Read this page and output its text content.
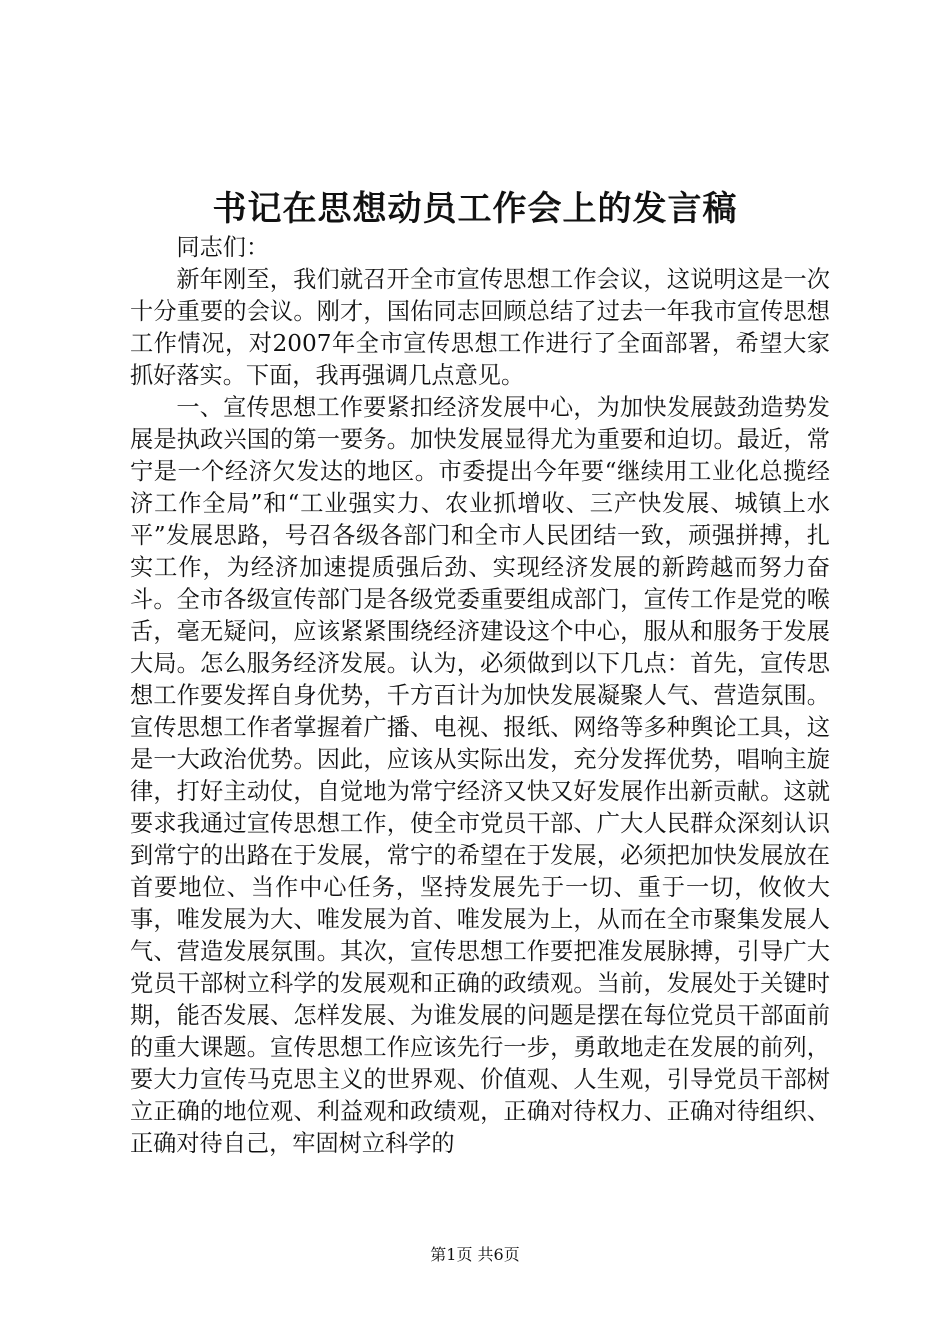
书记在思想动员工作会上的发言稿

同志们：

新年刚至，我们就召开全市宣传思想工作会议，这说明这是一次十分重要的会议。刚才，国佑同志回顾总结了过去一年我市宣传思想工作情况，对2007年全市宣传思想工作进行了全面部署，希望大家抓好落实。下面，我再强调几点意见。

一、宣传思想工作要紧扣经济发展中心，为加快发展鼓劲造势发展是执政兴国的第一要务。加快发展显得尤为重要和迫切。最近，常宁是一个经济欠发达的地区。市委提出今年要“继续用工业化总揽经济工作全局”和“工业强实力、农业抓增收、三产快发展、城镇上水平”发展思路，号召各级各部门和全市人民团结一致，顽强拼搏，扎实工作，为经济加速提质强后劲、实现经济发展的新跨越而努力奋斗。全市各级宣传部门是各级党委重要组成部门，宣传工作是党的喉舌，毫无疑问，应该紧紧围绕经济建设这个中心，服从和服务于发展大局。怎么服务经济发展。认为，必须做到以下几点：首先，宣传思想工作要发挥自身优势，千方百计为加快发展凝聚人气、营造氛围。宣传思想工作者掌握着广播、电视、报纸、网络等多种舆论工具，这是一大政治优势。因此，应该从实际出发，充分发挥优势，唱响主旋律，打好主动仗，自觉地为常宁经济又快又好发展作出新贡献。这就要求我通过宣传思想工作，使全市党员干部、广大人民群众深刻认识到常宁的出路在于发展，常宁的希望在于发展，必须把加快发展放在首要地位、当作中心任务，坚持发展先于一切、重于一切，攸攸大事，唯发展为大、唯发展为首、唯发展为上，从而在全市聚集发展人气、营造发展氛围。其次，宣传思想工作要把准发展脉搏，引导广大党员干部树立科学的发展观和正确的政绩观。当前，发展处于关键时期，能否发展、怎样发展、为谁发展的问题是摆在每位党员干部面前的重大课题。宣传思想工作应该先行一步，勇敢地走在发展的前列，要大力宣传马克思主义的世界观、价值观、人生观，引导党员干部树立正确的地位观、利益观和政绩观，正确对待权力、正确对待组织、正确对待自己，牢固树立科学的

第1页 共6页
